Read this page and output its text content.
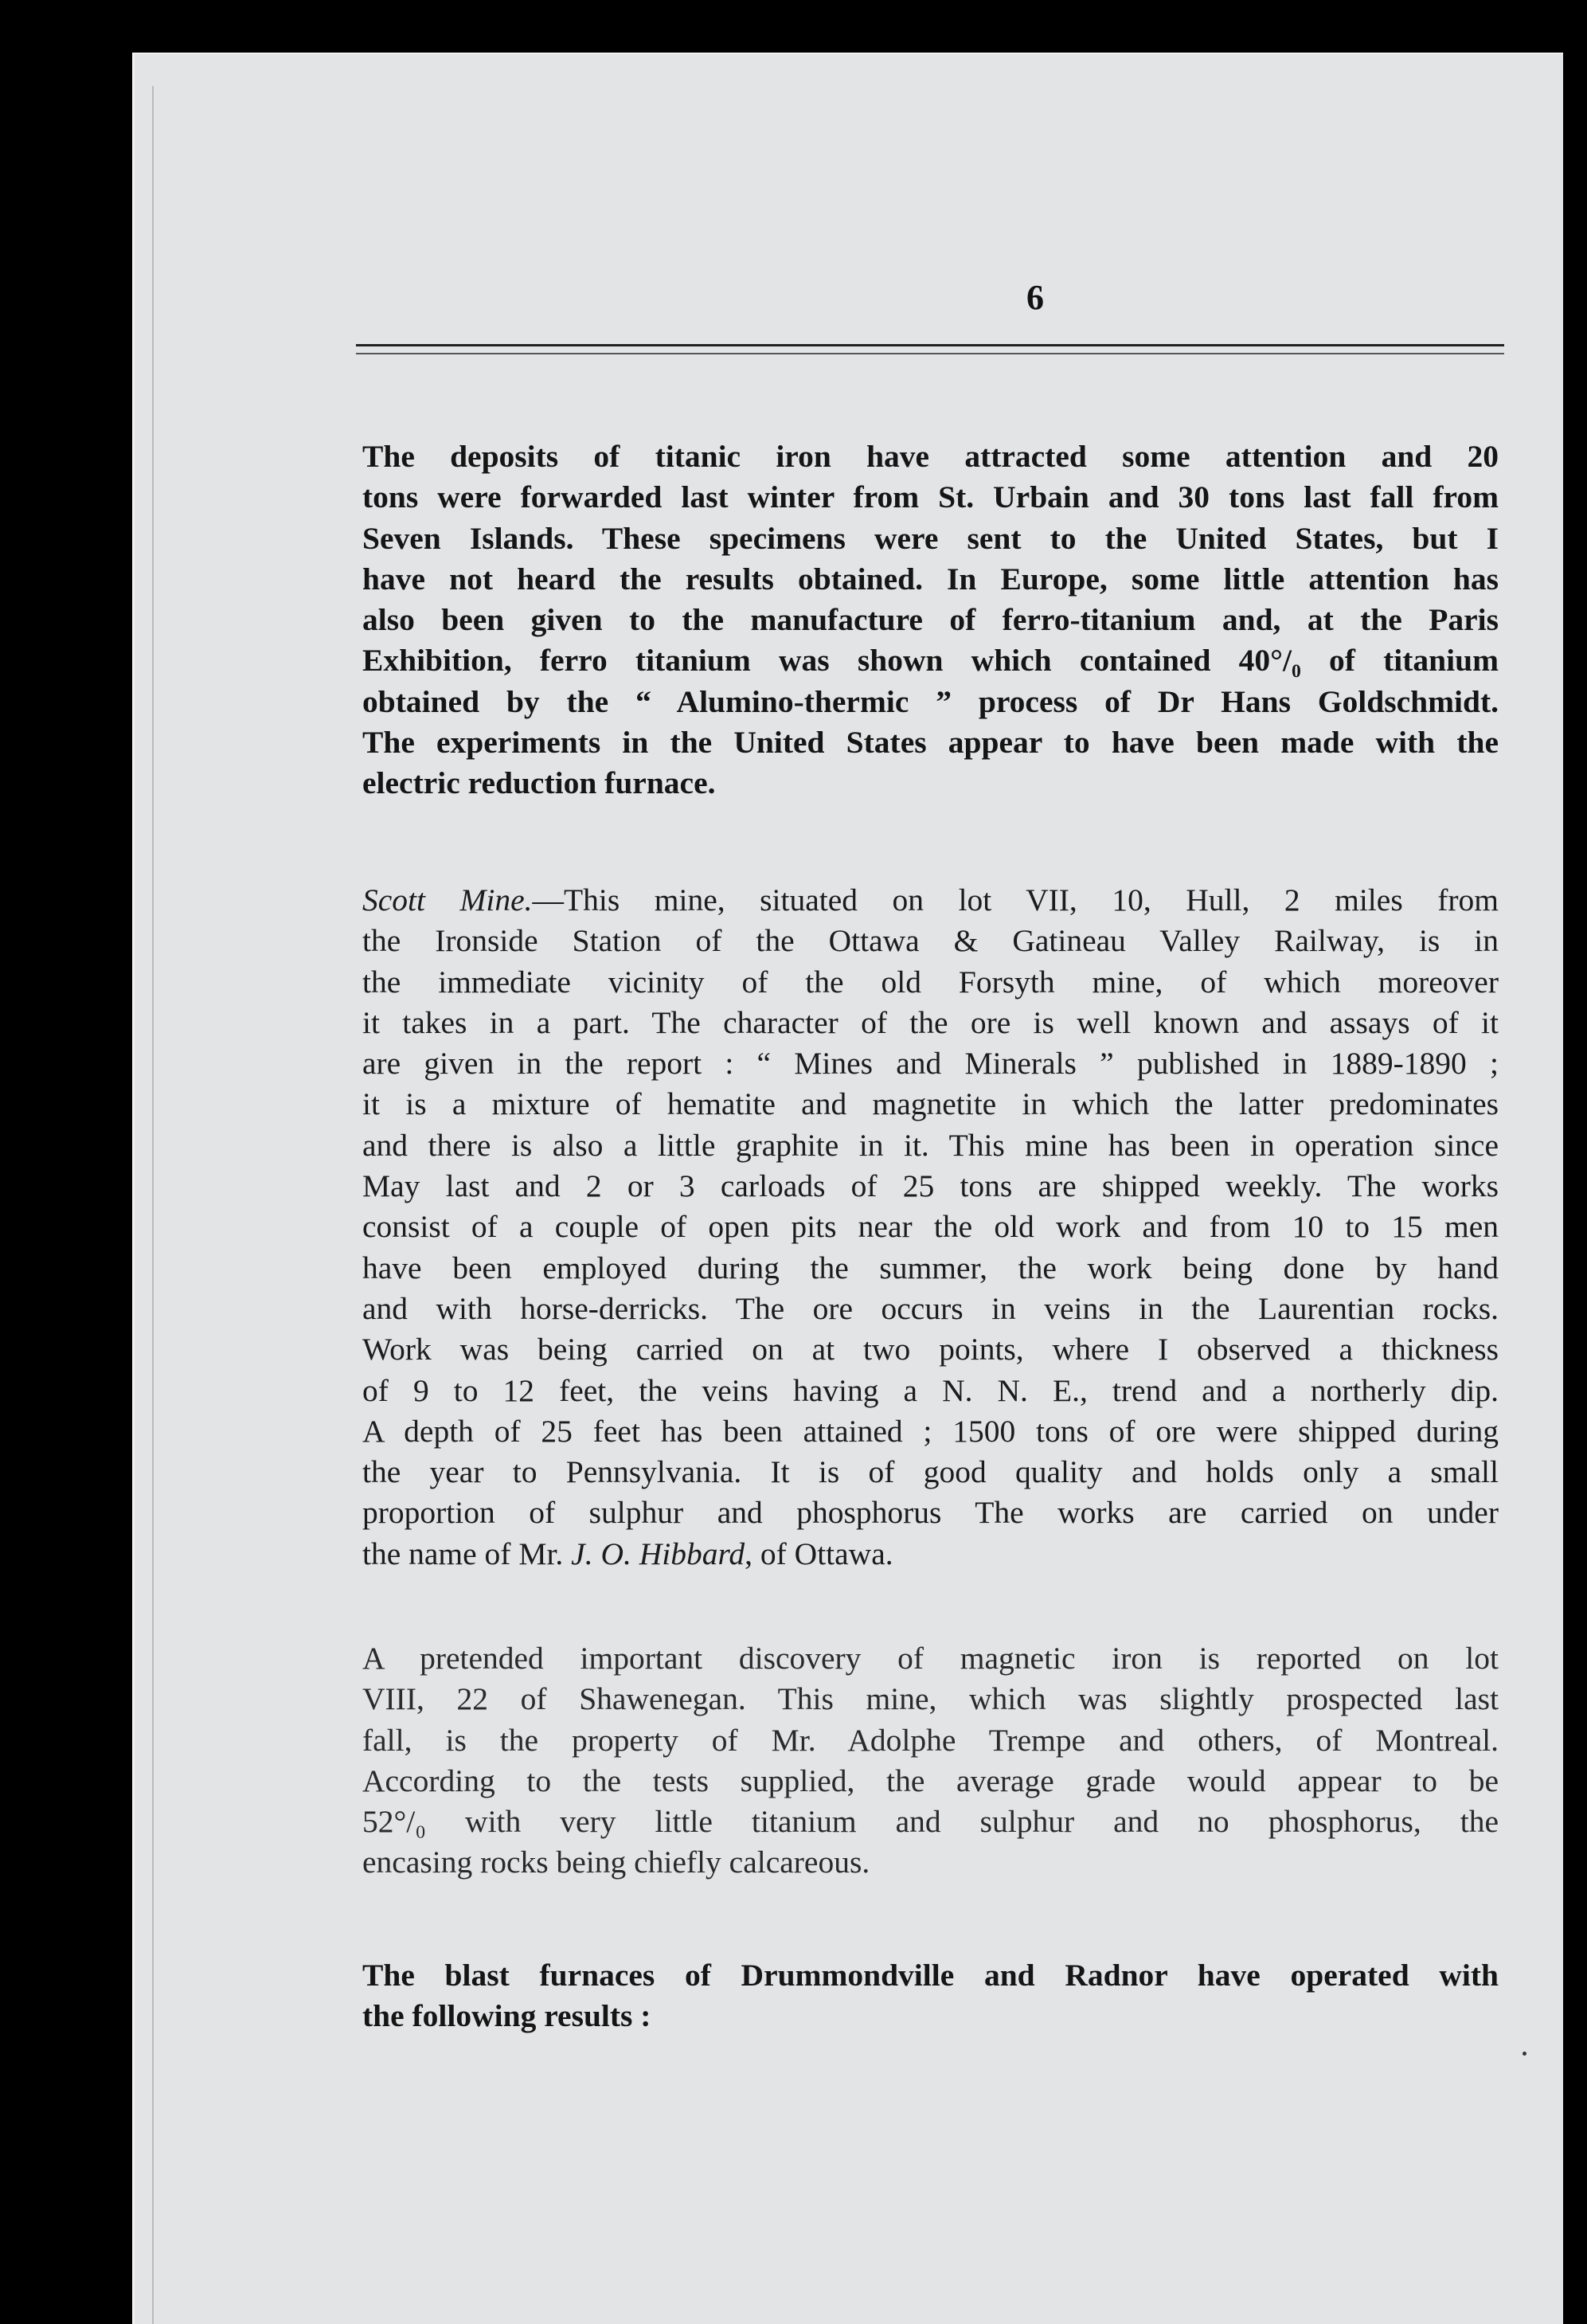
6
The deposits of titanic iron have attracted some attention and 20
tons were forwarded last winter from St. Urbain and 30 tons last fall from
Seven Islands. These specimens were sent to the United States, but I
have not heard the results obtained. In Europe, some little attention has
also been given to the manufacture of ferro-titanium and, at the Paris
Exhibition, ferro titanium was shown which contained 40°/₀ of titanium
obtained by the “ Alumino-thermic ” process of Dr Hans Goldschmidt.
The experiments in the United States appear to have been made with the
electric reduction furnace.
Scott Mine.—This mine, situated on lot VII, 10, Hull, 2 miles from
the Ironside Station of the Ottawa & Gatineau Valley Railway, is in
the immediate vicinity of the old Forsyth mine, of which moreover
it takes in a part. The character of the ore is well known and assays of it
are given in the report : “ Mines and Minerals ” published in 1889-1890 ;
it is a mixture of hematite and magnetite in which the latter predominates
and there is also a little graphite in it. This mine has been in operation since
May last and 2 or 3 carloads of 25 tons are shipped weekly. The works
consist of a couple of open pits near the old work and from 10 to 15 men
have been employed during the summer, the work being done by hand
and with horse-derricks. The ore occurs in veins in the Laurentian rocks.
Work was being carried on at two points, where I observed a thickness
of 9 to 12 feet, the veins having a N. N. E., trend and a northerly dip.
A depth of 25 feet has been attained ; 1500 tons of ore were shipped during
the year to Pennsylvania. It is of good quality and holds only a small
proportion of sulphur and phosphorus The works are carried on under
the name of Mr. J. O. Hibbard, of Ottawa.
A pretended important discovery of magnetic iron is reported on lot
VIII, 22 of Shawenegan. This mine, which was slightly prospected last
fall, is the property of Mr. Adolphe Trempe and others, of Montreal.
According to the tests supplied, the average grade would appear to be
52°/₀ with very little titanium and sulphur and no phosphorus, the
encasing rocks being chiefly calcareous.
The blast furnaces of Drummondville and Radnor have operated with
the following results :
